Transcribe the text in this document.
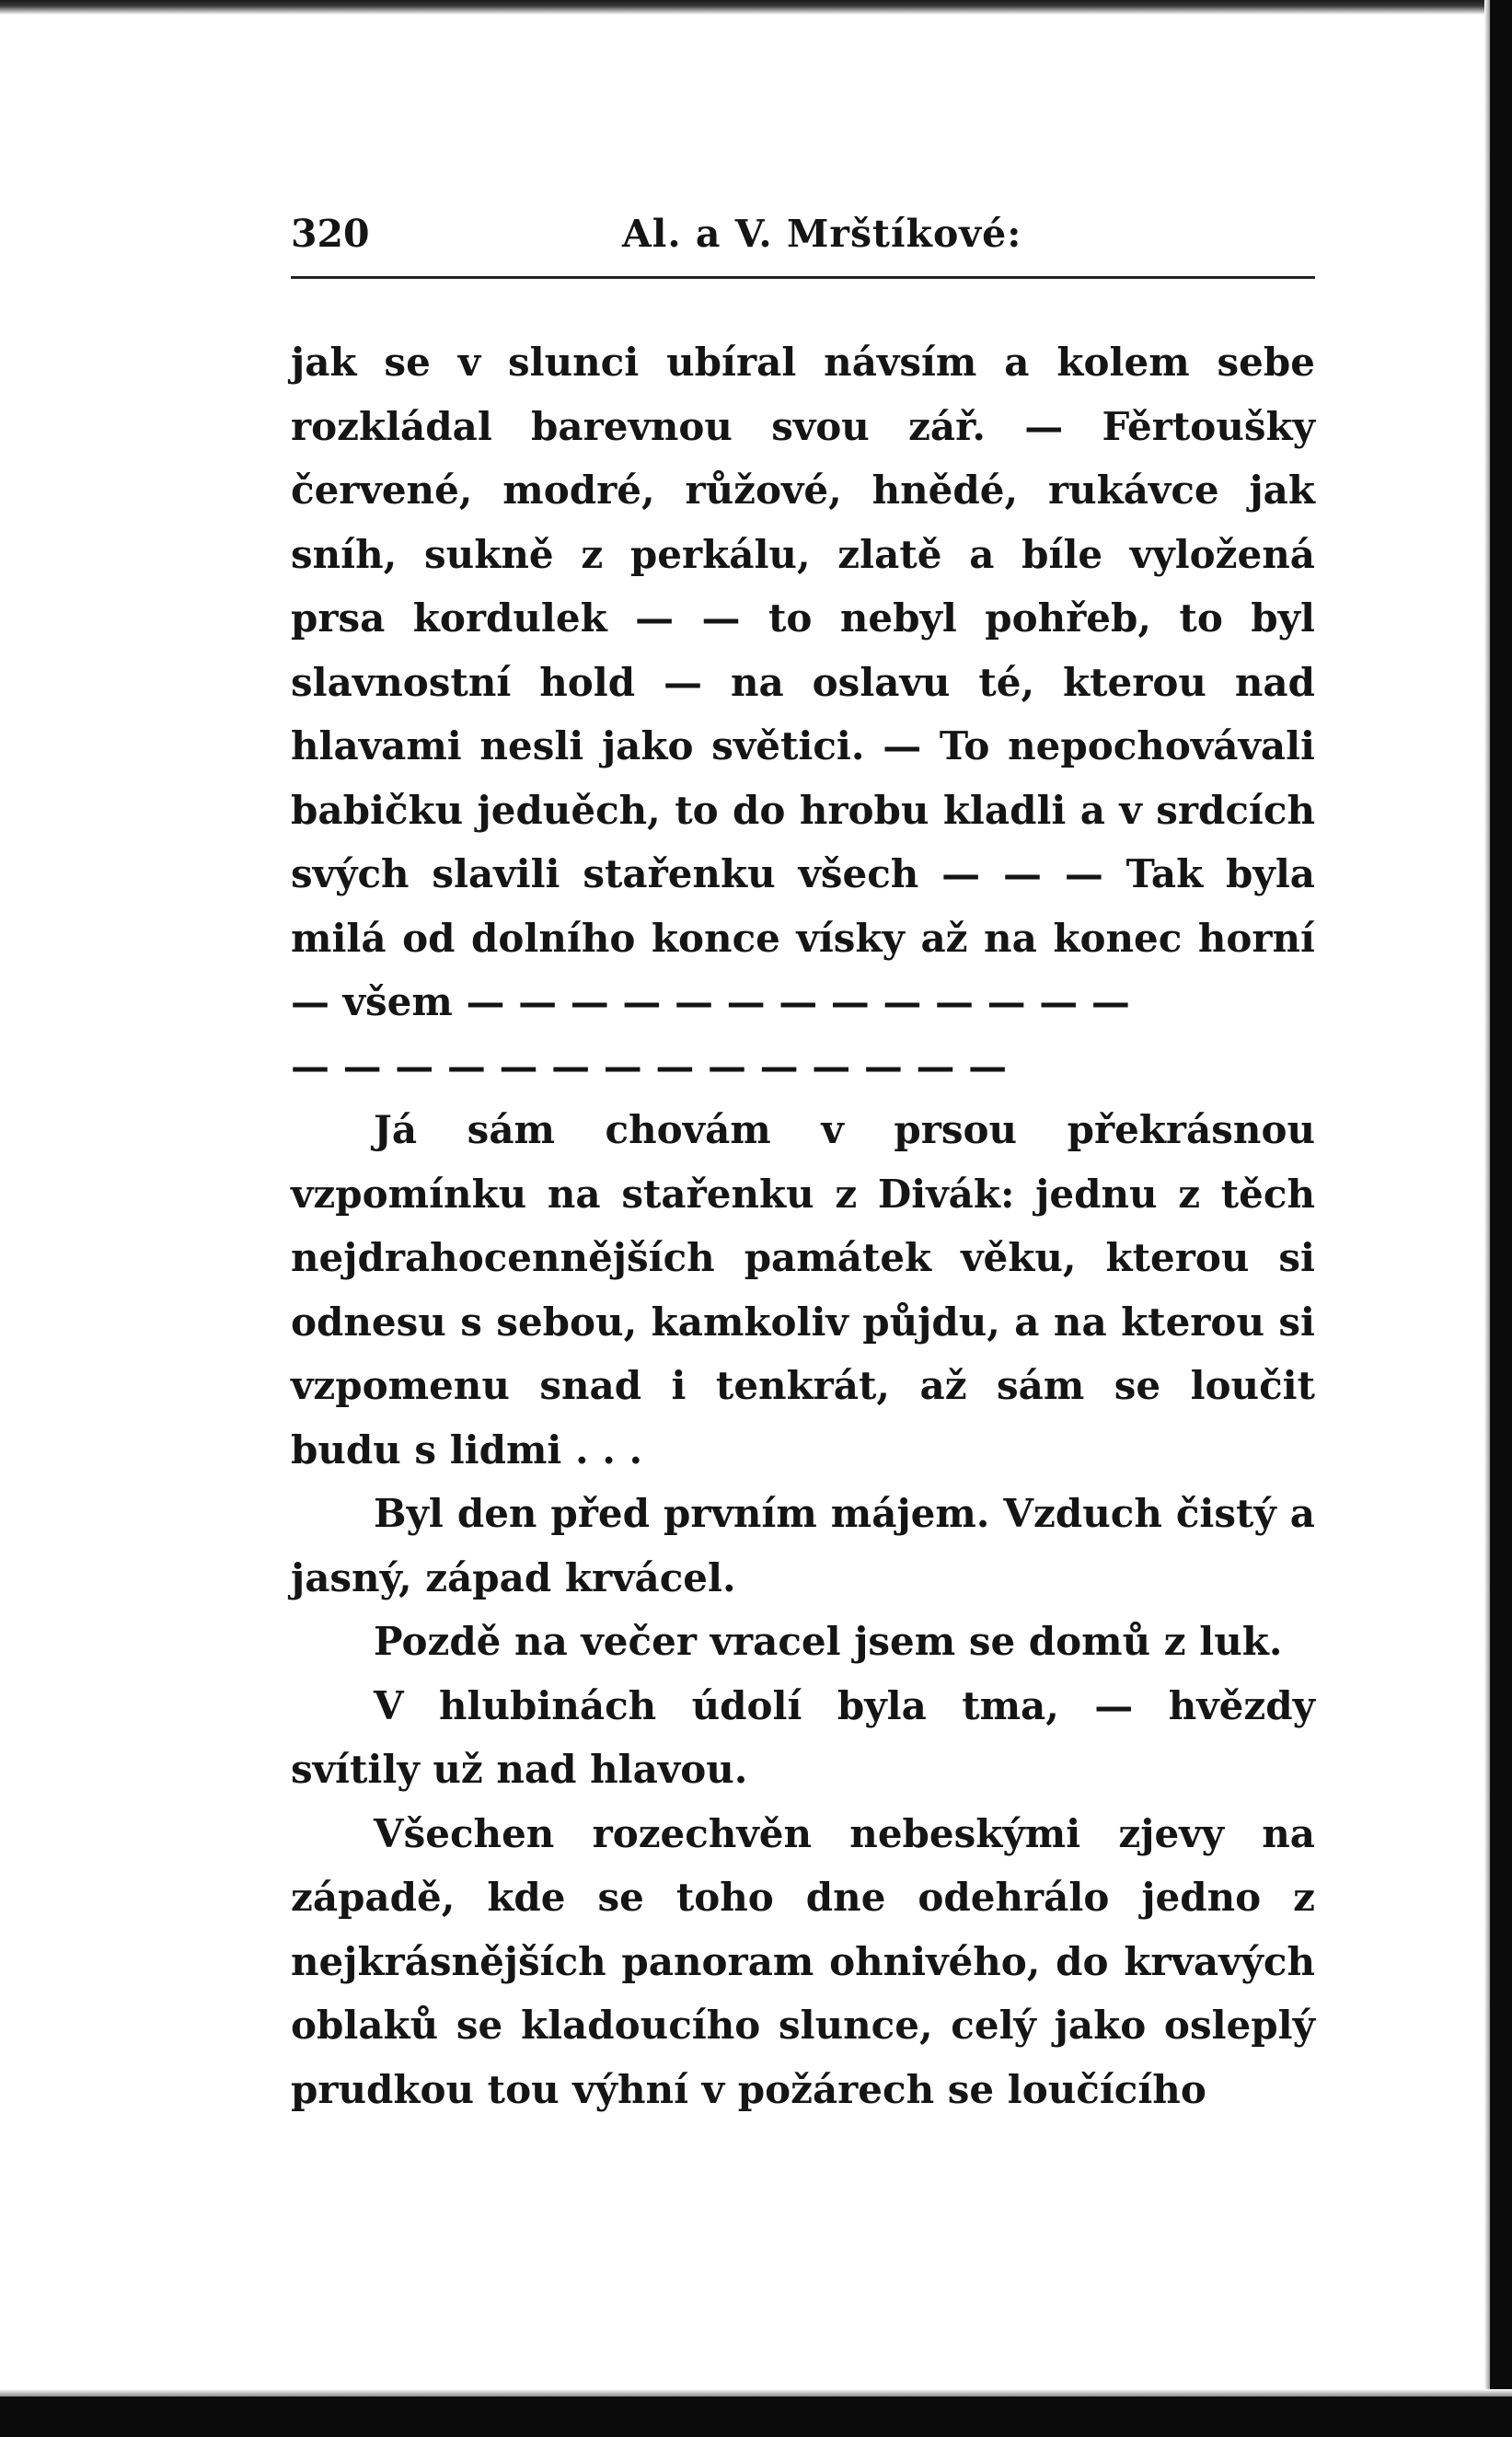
320	Al. a V. Mrštíkové:

jak se v slunci ubíral návsím a kolem sebe rozkládal barevnou svou zář. — Fěrtoušky červené, modré, růžové, hnědé, rukávce jak sníh, sukně z perkálu, zlatě a bíle vyložená prsa kordulek — — to nebyl pohřeb, to byl slavnostní hold — na oslavu té, kterou nad hlavami nesli jako světici. — To nepochovávali babičku jeduěch, to do hrobu kladli a v srdcích svých slavili stařenku všech — — — Tak byla milá od dolního konce vísky až na konec horní — všem — — — — — — — — — — — — —

— — — — — — — — — — — — — —

Já sám chovám v prsou překrásnou vzpomínku na stařenku z Divák: jednu z těch nejdrahocennějších památek věku, kterou si odnesu s sebou, kamkoliv půjdu, a na kterou si vzpomenu snad i tenkrát, až sám se loučit budu s lidmi . . .

Byl den před prvním májem. Vzduch čistý a jasný, západ krvácel.

Pozdě na večer vracel jsem se domů z luk.

V hlubinách údolí byla tma, — hvězdy svítily už nad hlavou.

Všechen rozechvěn nebeskými zjevy na západě, kde se toho dne odehrálo jedno z nejkrásnějších panoram ohnivého, do krvavých oblaků se kladoucího slunce, celý jako osleplý prudkou tou výhní v požárech se loučícího
